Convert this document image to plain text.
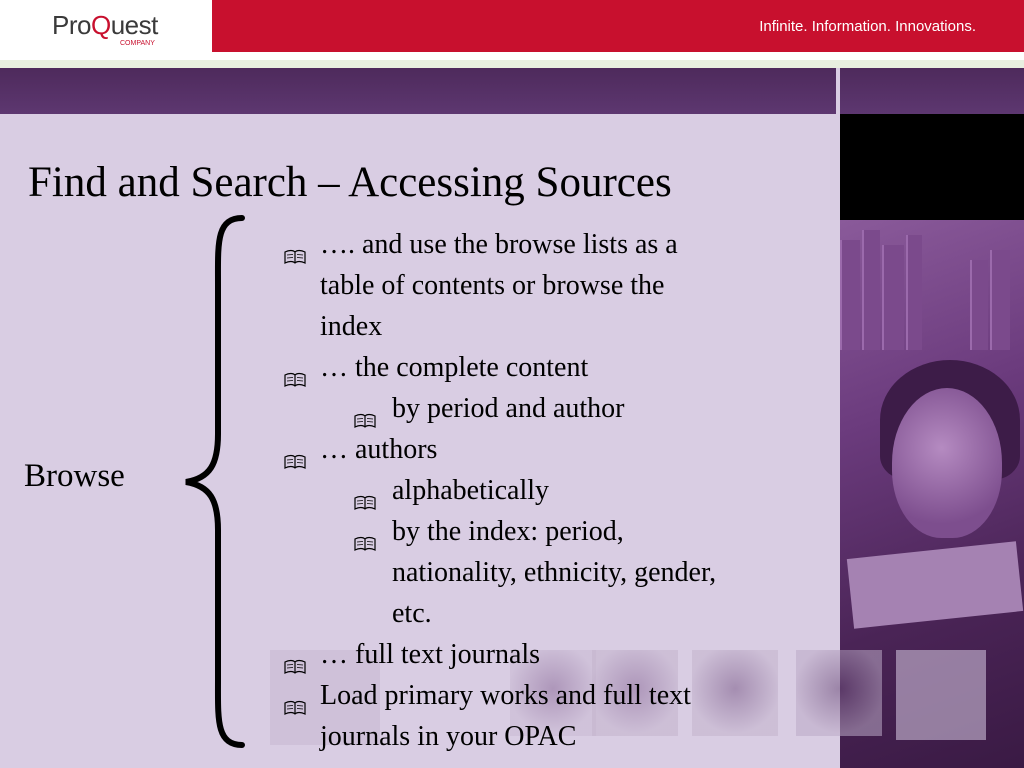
Infinite. Information. Innovations.
ProQuest
COMPANY
Find and Search – Accessing Sources
Browse
…. and use the browse lists as a
table of contents or browse the
index
… the complete content
by period and author
… authors
alphabetically
by the index: period,
nationality, ethnicity, gender,
etc.
… full text journals
Load primary works and full text
journals in your OPAC
